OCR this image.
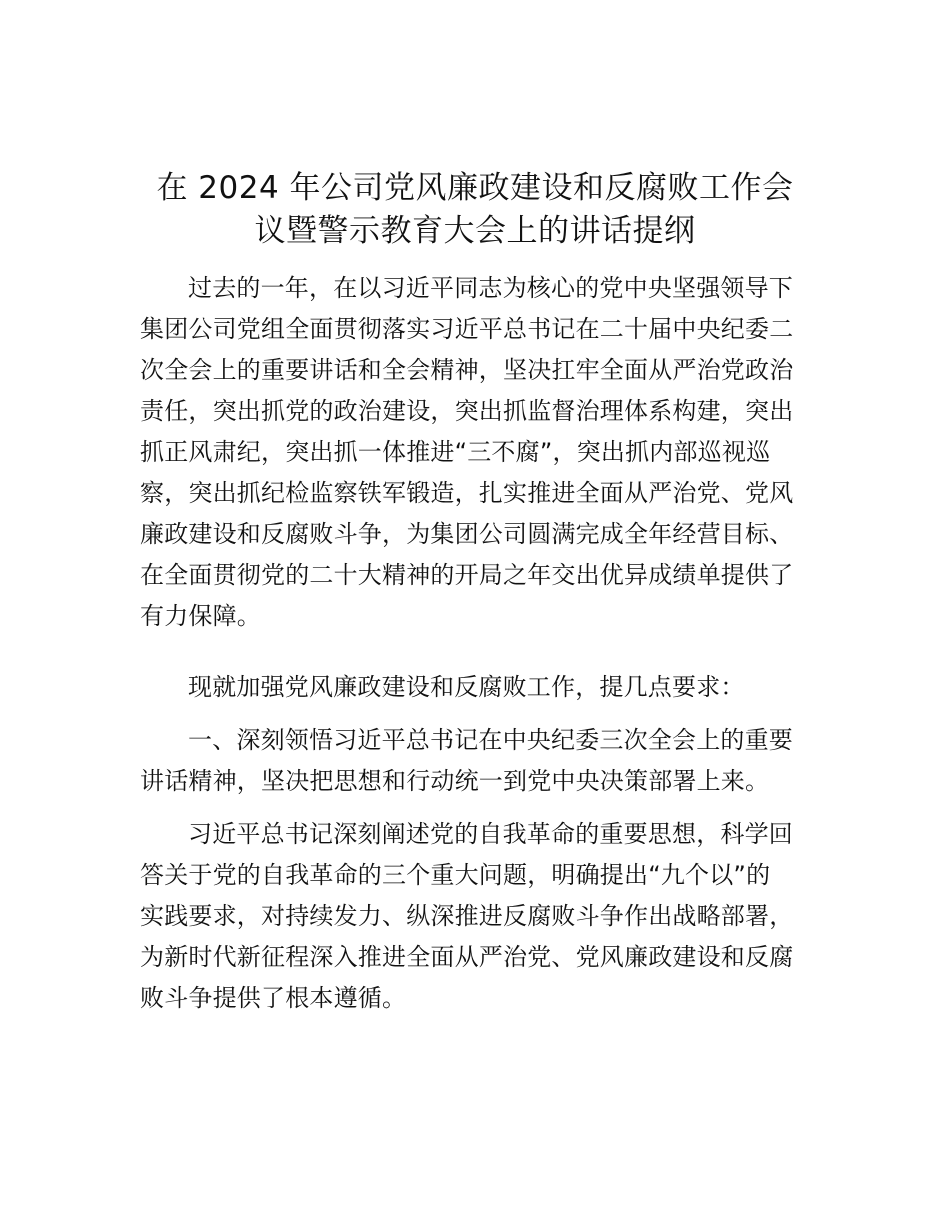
在 2024 年公司党风廉政建设和反腐败工作会
议暨警示教育大会上的讲话提纲
过去的一年，在以习近平同志为核心的党中央坚强领导下
集团公司党组全面贯彻落实习近平总书记在二十届中央纪委二
次全会上的重要讲话和全会精神，坚决扛牢全面从严治党政治
责任，突出抓党的政治建设，突出抓监督治理体系构建，突出
抓正风肃纪，突出抓一体推进“三不腐”，突出抓内部巡视巡
察，突出抓纪检监察铁军锻造，扎实推进全面从严治党、党风
廉政建设和反腐败斗争，为集团公司圆满完成全年经营目标、
在全面贯彻党的二十大精神的开局之年交出优异成绩单提供了
有力保障。
现就加强党风廉政建设和反腐败工作，提几点要求：
一、深刻领悟习近平总书记在中央纪委三次全会上的重要
讲话精神，坚决把思想和行动统一到党中央决策部署上来。
习近平总书记深刻阐述党的自我革命的重要思想，科学回
答关于党的自我革命的三个重大问题，明确提出“九个以”的
实践要求，对持续发力、纵深推进反腐败斗争作出战略部署，
为新时代新征程深入推进全面从严治党、党风廉政建设和反腐
败斗争提供了根本遵循。
